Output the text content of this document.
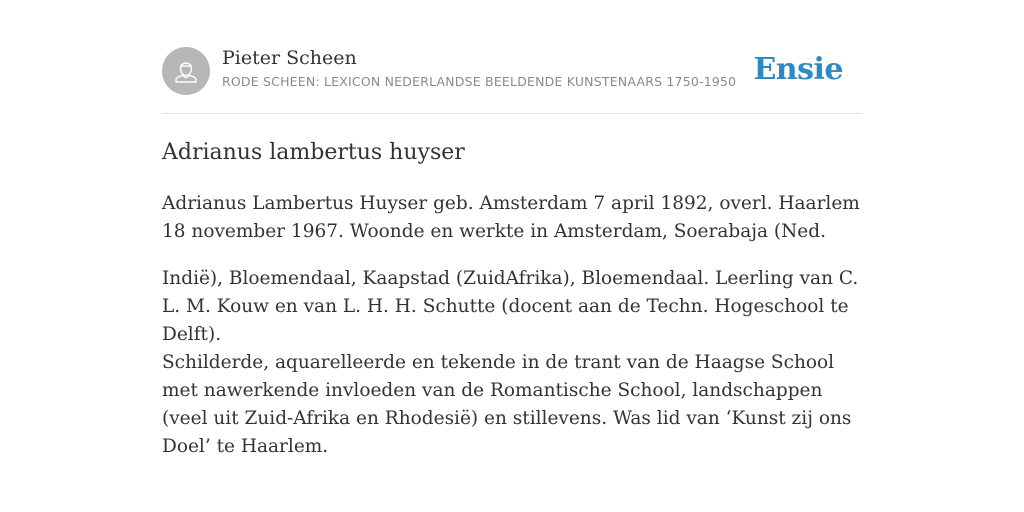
Pieter Scheen
RODE SCHEEN: LEXICON NEDERLANDSE BEELDENDE KUNSTENAARS 1750-1950 Ensie
Adrianus lambertus huyser

Adrianus Lambertus Huyser geb. Amsterdam 7 april 1892, overl. Haarlem 18 november 1967. Woonde en werkte in Amsterdam, Soerabaja (Ned.

Indië), Bloemendaal, Kaapstad (ZuidAfrika), Bloemendaal. Leerling van C. L. M. Kouw en van L. H. H. Schutte (docent aan de Techn. Hogeschool te Delft).

Schilderde, aquarelleerde en tekende in de trant van de Haagse School met nawerkende invloeden van de Romantische School, landschappen (veel uit Zuid-Afrika en Rhodesië) en stillevens. Was lid van ‘Kunst zij ons Doel’ te Haarlem.
